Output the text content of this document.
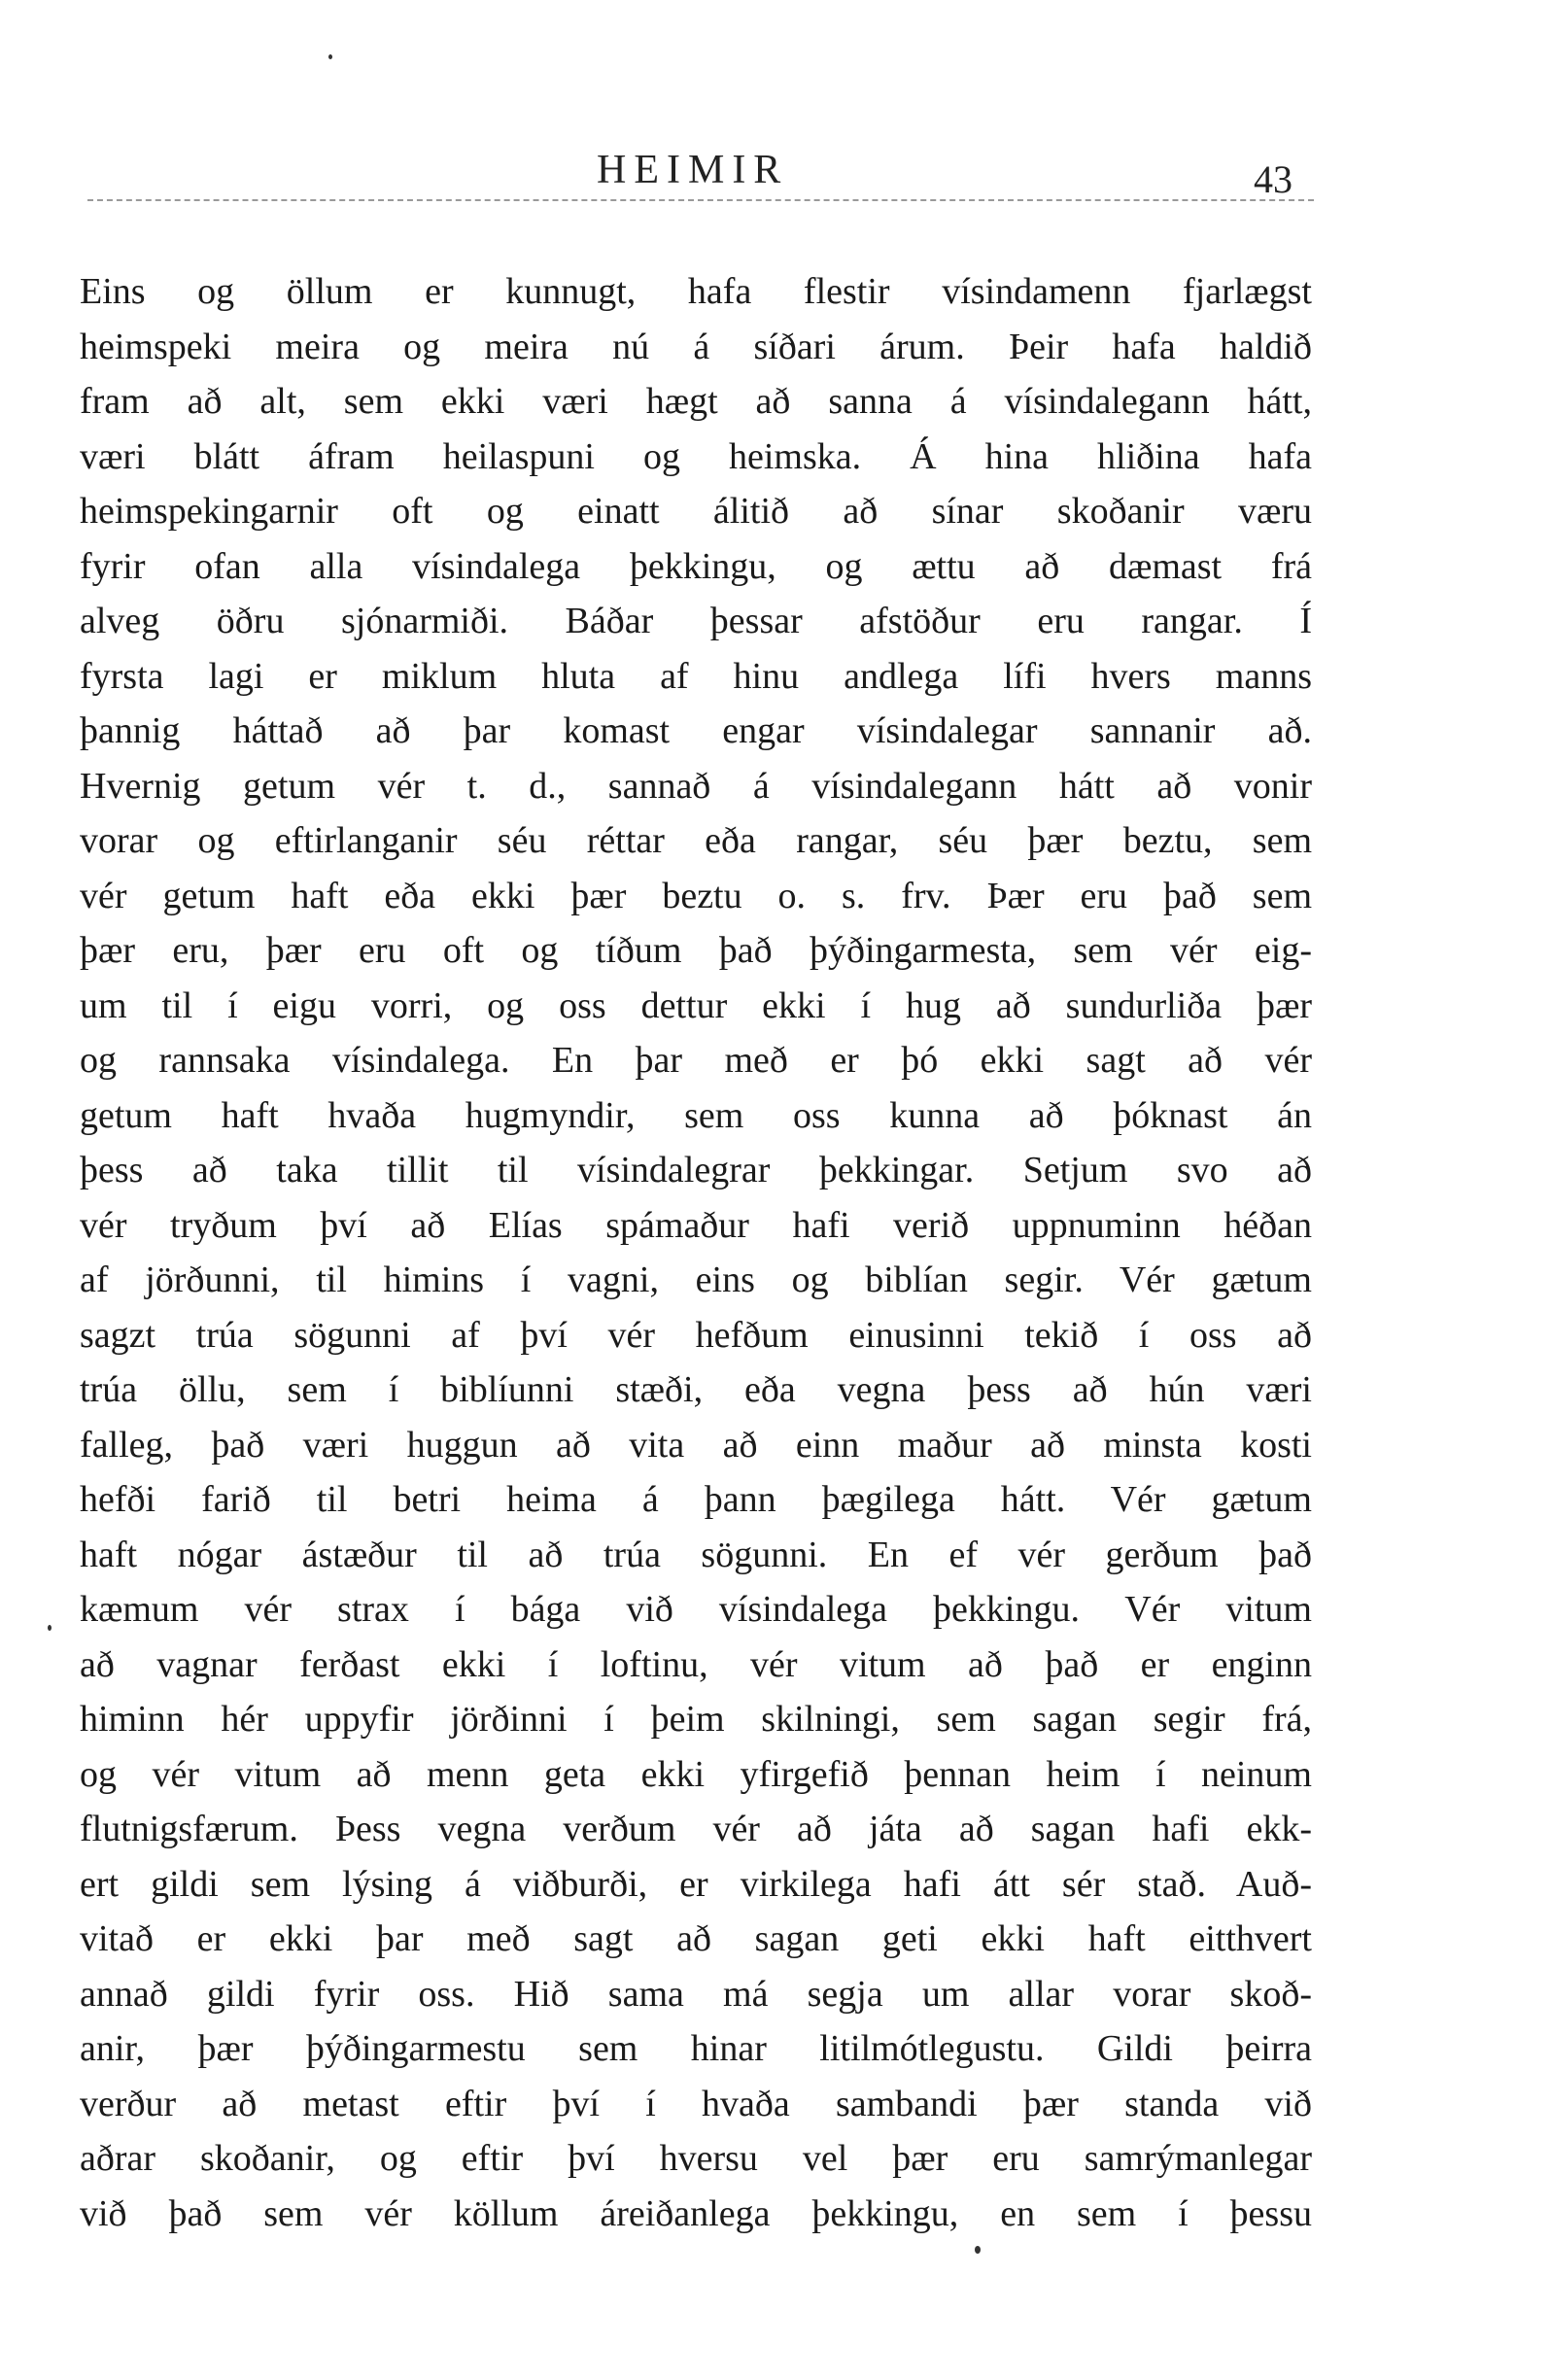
HEIMIR	43
Eins og öllum er kunnugt, hafa flestir vísindamenn fjarlægst
heimspeki meira og meira nú á síðari árum. Þeir hafa haldið
fram að alt, sem ekki væri hægt að sanna á vísindalegann hátt,
væri blátt áfram heilaspuni og heimska. Á hina hliðina hafa
heimspekingarnir oft og einatt álitið að sínar skoðanir væru
fyrir ofan alla vísindalega þekkingu, og ættu að dæmast frá
alveg öðru sjónarmiði. Báðar þessar afstöður eru rangar. Í
fyrsta lagi er miklum hluta af hinu andlega lífi hvers manns
þannig háttað að þar komast engar vísindalegar sannanir að.
Hvernig getum vér t. d., sannað á vísindalegann hátt að vonir
vorar og eftirlanganir séu réttar eða rangar, séu þær beztu, sem
vér getum haft eða ekki þær beztu o. s. frv. Þær eru það sem
þær eru, þær eru oft og tíðum það þýðingarmesta, sem vér eig-
um til í eigu vorri, og oss dettur ekki í hug að sundurliða þær
og rannsaka vísindalega. En þar með er þó ekki sagt að vér
getum haft hvaða hugmyndir, sem oss kunna að þóknast án
þess að taka tillit til vísindalegrar þekkingar. Setjum svo að
vér tryðum því að Elías spámaður hafi verið uppnuminn héðan
af jörðunni, til himins í vagni, eins og biblían segir. Vér gætum
sagzt trúa sögunni af því vér hefðum einusinni tekið í oss að
trúa öllu, sem í biblíunni stæði, eða vegna þess að hún væri
falleg, það væri huggun að vita að einn maður að minsta kosti
hefði farið til betri heima á þann þægilega hátt. Vér gætum
haft nógar ástæður til að trúa sögunni. En ef vér gerðum það
kæmum vér strax í bága við vísindalega þekkingu. Vér vitum
að vagnar ferðast ekki í loftinu, vér vitum að það er enginn
himinn hér uppyfir jörðinni í þeim skilningi, sem sagan segir frá,
og vér vitum að menn geta ekki yfirgefið þennan heim í neinum
flutnigsfærum. Þess vegna verðum vér að játa að sagan hafi ekk-
ert gildi sem lýsing á viðburði, er virkilega hafi átt sér stað. Auð-
vitað er ekki þar með sagt að sagan geti ekki haft eitthvert
annað gildi fyrir oss. Hið sama má segja um allar vorar skoð-
anir, þær þýðingarmestu sem hinar litilmótlegustu. Gildi þeirra
verður að metast eftir því í hvaða sambandi þær standa við
aðrar skoðanir, og eftir því hversu vel þær eru samrýmanlegar
við það sem vér köllum áreiðanlega þekkingu, en sem í þessu
